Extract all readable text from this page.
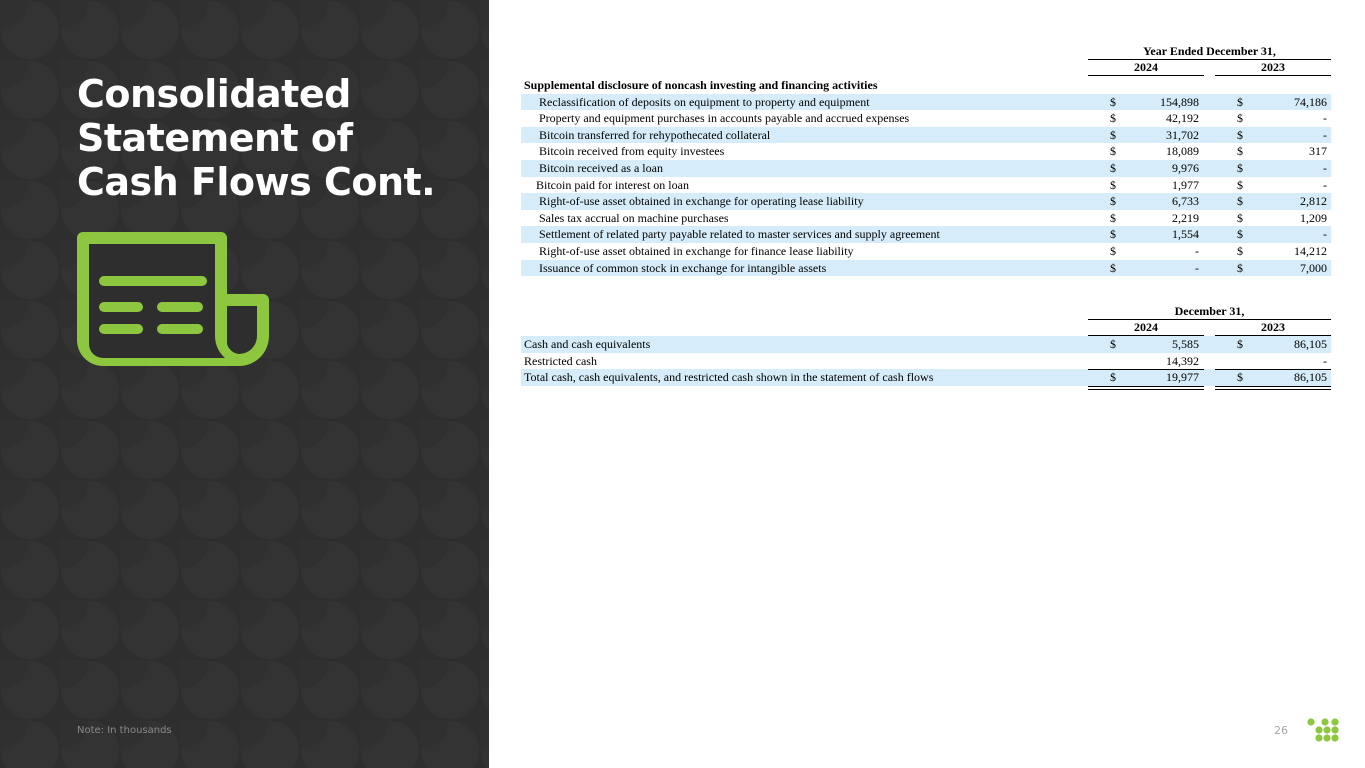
Consolidated
Statement of
Cash Flows Cont.
Note: In thousands
Year Ended December 31,
2024	2023
Supplemental disclosure of noncash investing and financing activities
Reclassification of deposits on equipment to property and equipment	$	154,898	$	74,186
Property and equipment purchases in accounts payable and accrued expenses	$	42,192	$	-
Bitcoin transferred for rehypothecated collateral	$	31,702	$	-
Bitcoin received from equity investees	$	18,089	$	317
Bitcoin received as a loan	$	9,976	$	-
Bitcoin paid for interest on loan	$	1,977	$	-
Right-of-use asset obtained in exchange for operating lease liability	$	6,733	$	2,812
Sales tax accrual on machine purchases	$	2,219	$	1,209
Settlement of related party payable related to master services and supply agreement	$	1,554	$	-
Right-of-use asset obtained in exchange for finance lease liability	$	-	$	14,212
Issuance of common stock in exchange for intangible assets	$	-	$	7,000
December 31,
2024	2023
Cash and cash equivalents	$	5,585	$	86,105
Restricted cash	14,392	-
Total cash, cash equivalents, and restricted cash shown in the statement of cash flows	$	19,977	$	86,105
26
